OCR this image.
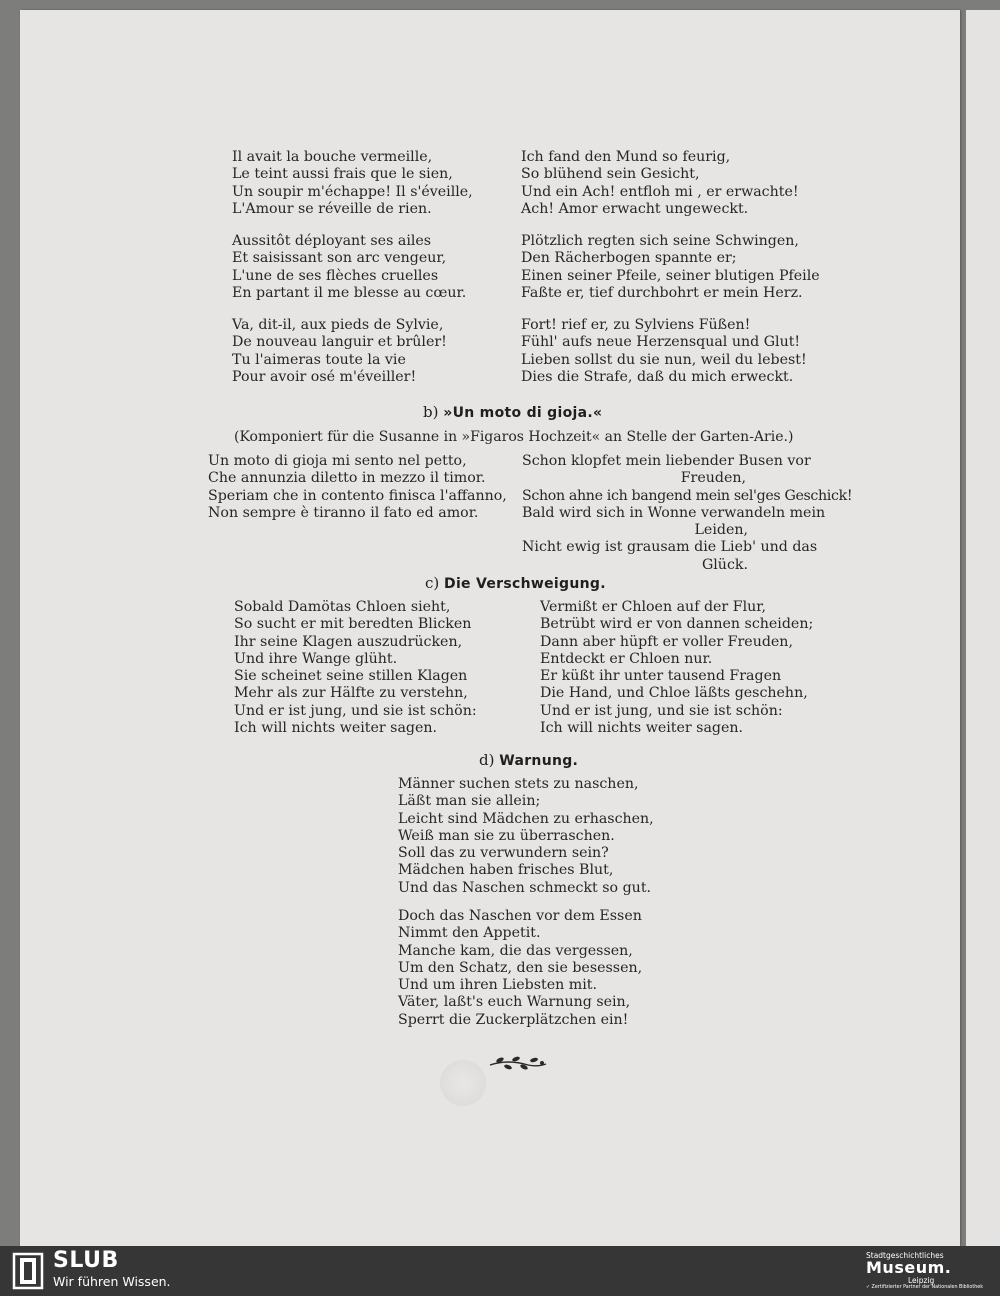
Il avait la bouche vermeille,
Le teint aussi frais que le sien,
Un soupir m'échappe! Il s'éveille,
L'Amour se réveille de rien.
Aussitôt déployant ses ailes
Et saisissant son arc vengeur,
L'une de ses flèches cruelles
En partant il me blesse au cœur.
Va, dit-il, aux pieds de Sylvie,
De nouveau languir et brûler!
Tu l'aimeras toute la vie
Pour avoir osé m'éveiller!
Ich fand den Mund so feurig,
So blühend sein Gesicht,
Und ein Ach! entfloh mi , er erwachte!
Ach! Amor erwacht ungeweckt.
Plötzlich regten sich seine Schwingen,
Den Rächerbogen spannte er;
Einen seiner Pfeile, seiner blutigen Pfeile
Faßte er, tief durchbohrt er mein Herz.
Fort! rief er, zu Sylviens Füßen!
Fühl' aufs neue Herzensqual und Glut!
Lieben sollst du sie nun, weil du lebest!
Dies die Strafe, daß du mich erweckt.
b) »Un moto di gioja.«
(Komponiert für die Susanne in »Figaros Hochzeit« an Stelle der Garten-Arie.)
Un moto di gioja mi sento nel petto,
Che annunzia diletto in mezzo il timor.
Speriam che in contento finisca l'affanno,
Non sempre è tiranno il fato ed amor.
Schon klopfet mein liebender Busen vor
Freuden,
Schon ahne ich bangend mein sel'ges Geschick!
Bald wird sich in Wonne verwandeln mein
Leiden,
Nicht ewig ist grausam die Lieb' und das
Glück.
c) Die Verschweigung.
Sobald Damötas Chloen sieht,
So sucht er mit beredten Blicken
Ihr seine Klagen auszudrücken,
Und ihre Wange glüht.
Sie scheinet seine stillen Klagen
Mehr als zur Hälfte zu verstehn,
Und er ist jung, und sie ist schön:
Ich will nichts weiter sagen.
Vermißt er Chloen auf der Flur,
Betrübt wird er von dannen scheiden;
Dann aber hüpft er voller Freuden,
Entdeckt er Chloen nur.
Er küßt ihr unter tausend Fragen
Die Hand, und Chloe läßts geschehn,
Und er ist jung, und sie ist schön:
Ich will nichts weiter sagen.
d) Warnung.
Männer suchen stets zu naschen,
Läßt man sie allein;
Leicht sind Mädchen zu erhaschen,
Weiß man sie zu überraschen.
Soll das zu verwundern sein?
Mädchen haben frisches Blut,
Und das Naschen schmeckt so gut.
Doch das Naschen vor dem Essen
Nimmt den Appetit.
Manche kam, die das vergessen,
Um den Schatz, den sie besessen,
Und um ihren Liebsten mit.
Väter, laßt's euch Warnung sein,
Sperrt die Zuckerplätzchen ein!
SLUB
Wir führen Wissen.
Stadtgeschichtliches
Museum.
Leipzig
✓ Zertifizierter Partner der Nationalen Bibliothek
